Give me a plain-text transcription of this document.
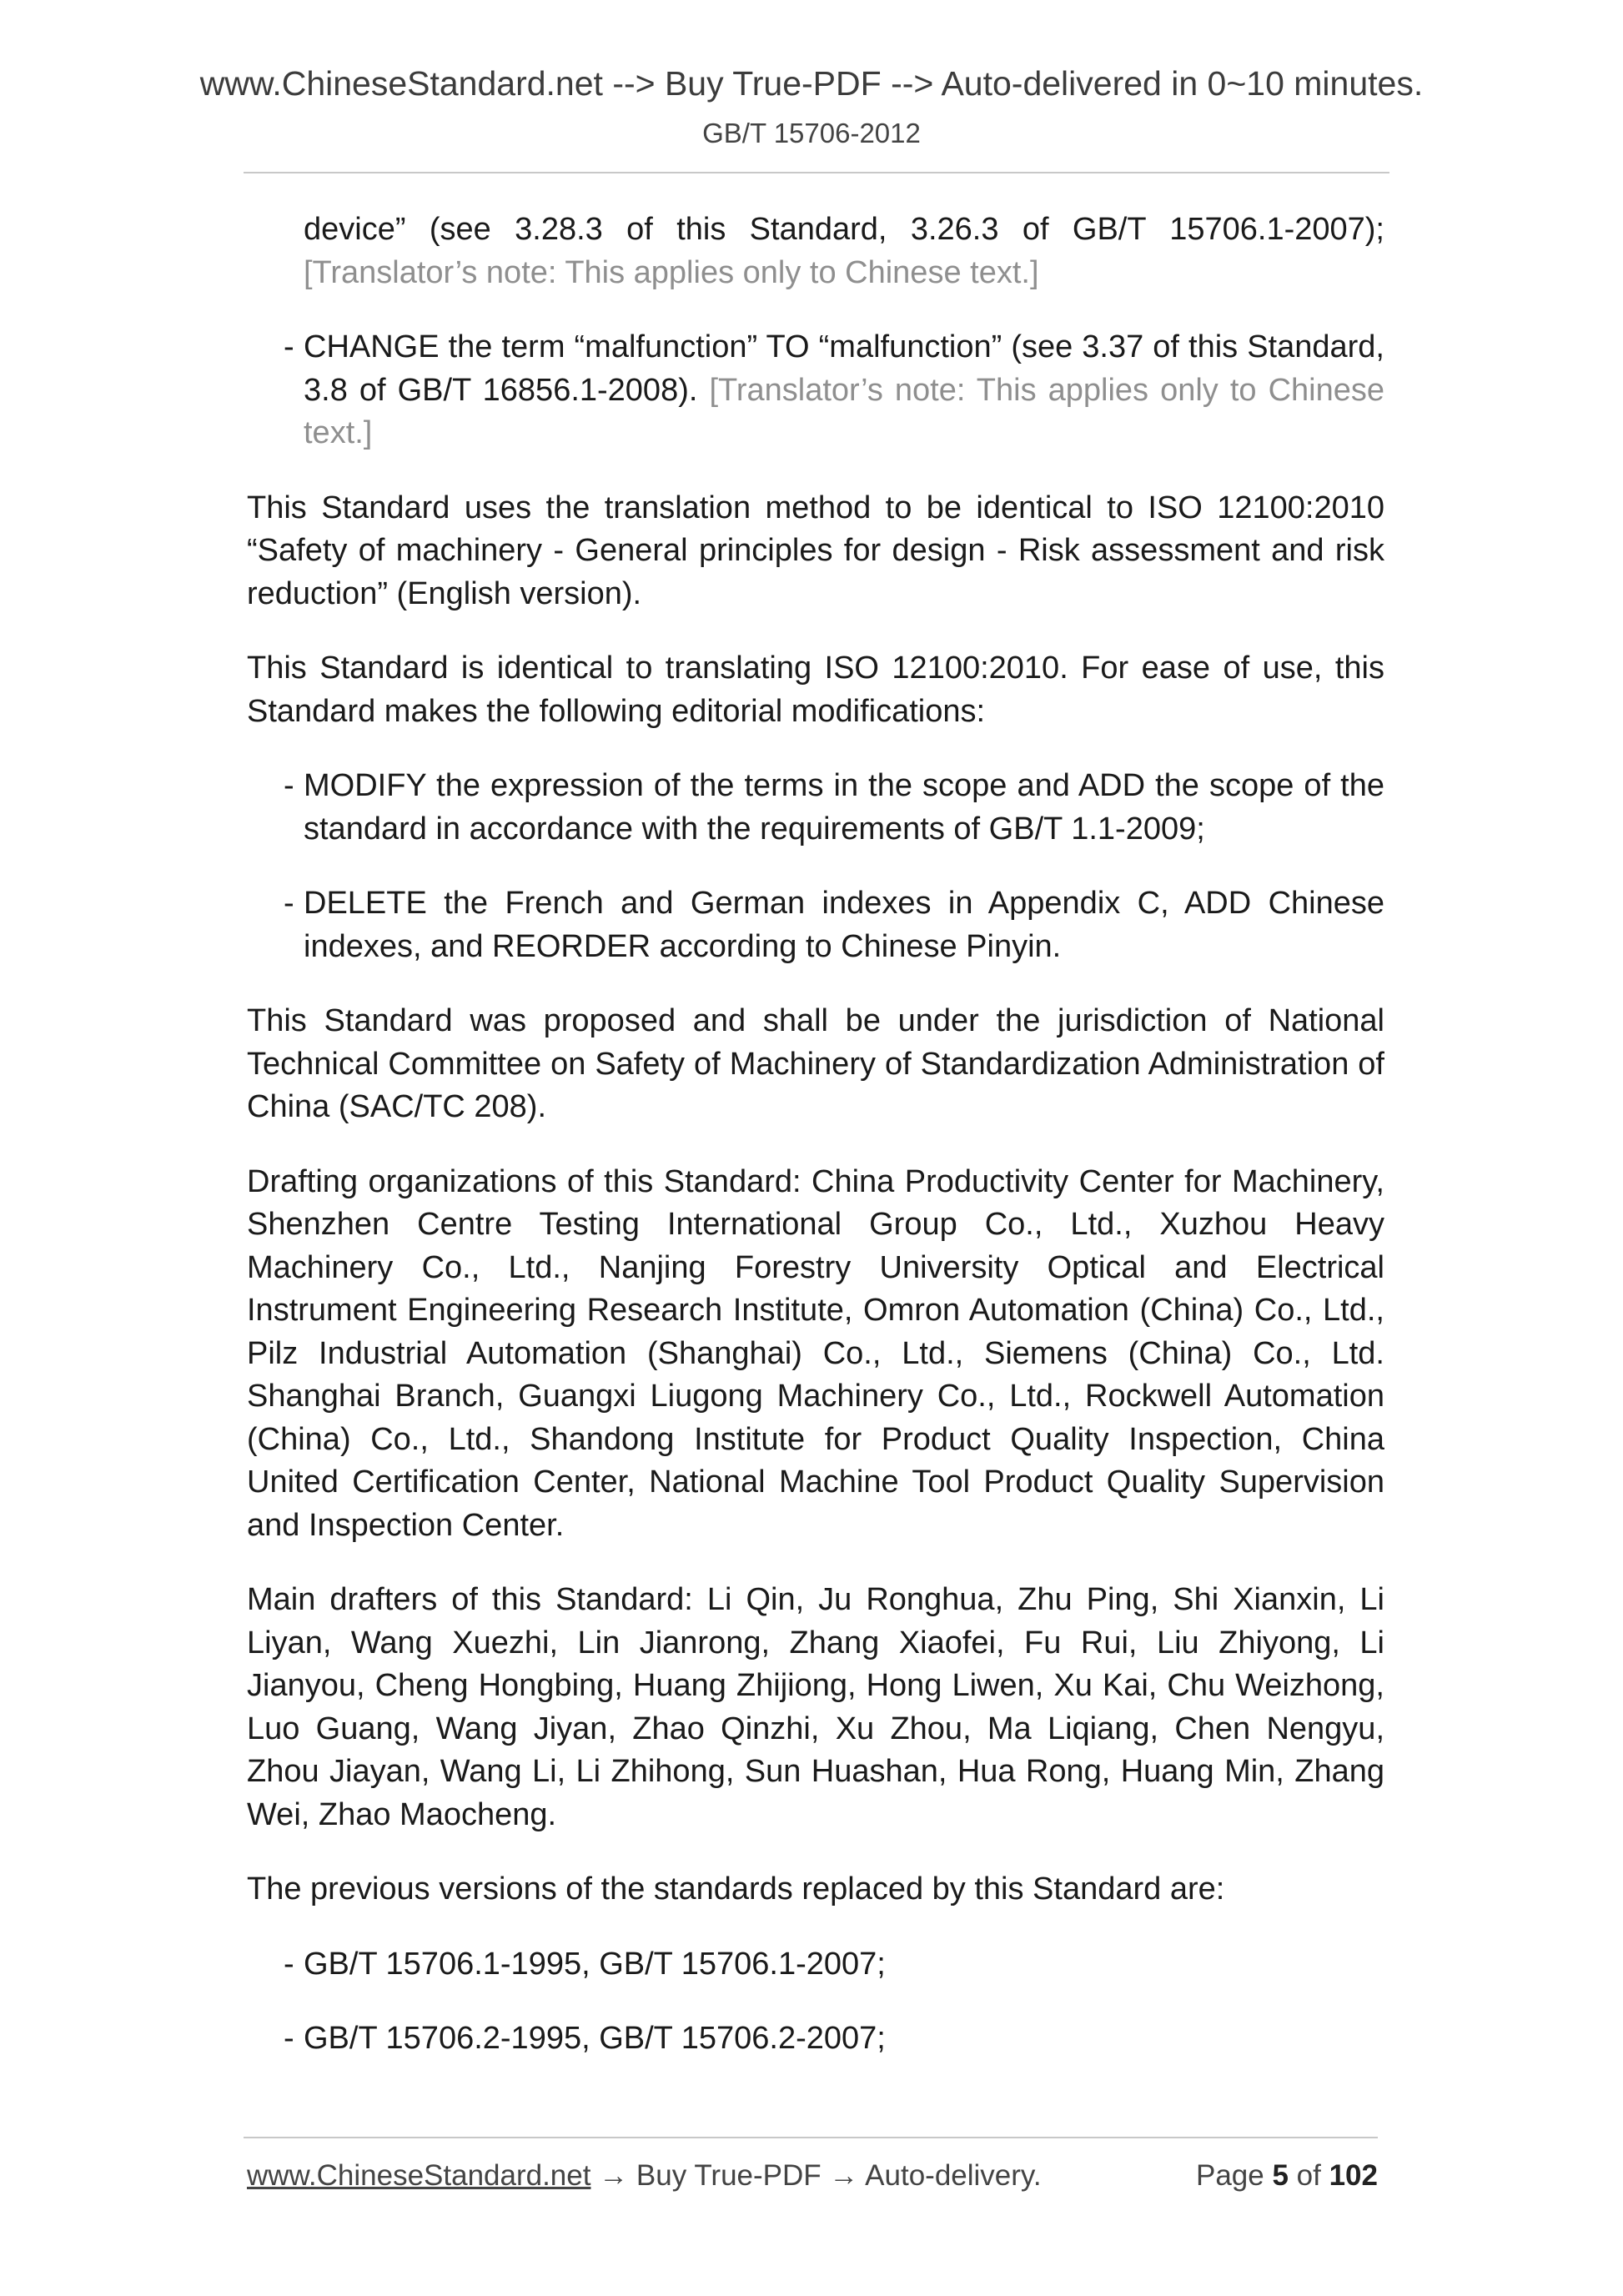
www.ChineseStandard.net --> Buy True-PDF --> Auto-delivered in 0~10 minutes.
GB/T 15706-2012

device” (see 3.28.3 of this Standard, 3.26.3 of GB/T 15706.1-2007); [Translator’s note: This applies only to Chinese text.]

- CHANGE the term “malfunction” TO “malfunction” (see 3.37 of this Standard, 3.8 of GB/T 16856.1-2008). [Translator’s note: This applies only to Chinese text.]

This Standard uses the translation method to be identical to ISO 12100:2010 “Safety of machinery - General principles for design - Risk assessment and risk reduction” (English version).

This Standard is identical to translating ISO 12100:2010. For ease of use, this Standard makes the following editorial modifications:

- MODIFY the expression of the terms in the scope and ADD the scope of the standard in accordance with the requirements of GB/T 1.1-2009;
- DELETE the French and German indexes in Appendix C, ADD Chinese indexes, and REORDER according to Chinese Pinyin.

This Standard was proposed and shall be under the jurisdiction of National Technical Committee on Safety of Machinery of Standardization Administration of China (SAC/TC 208).

Drafting organizations of this Standard: China Productivity Center for Machinery, Shenzhen Centre Testing International Group Co., Ltd., Xuzhou Heavy Machinery Co., Ltd., Nanjing Forestry University Optical and Electrical Instrument Engineering Research Institute, Omron Automation (China) Co., Ltd., Pilz Industrial Automation (Shanghai) Co., Ltd., Siemens (China) Co., Ltd. Shanghai Branch, Guangxi Liugong Machinery Co., Ltd., Rockwell Automation (China) Co., Ltd., Shandong Institute for Product Quality Inspection, China United Certification Center, National Machine Tool Product Quality Supervision and Inspection Center.

Main drafters of this Standard: Li Qin, Ju Ronghua, Zhu Ping, Shi Xianxin, Li Liyan, Wang Xuezhi, Lin Jianrong, Zhang Xiaofei, Fu Rui, Liu Zhiyong, Li Jianyou, Cheng Hongbing, Huang Zhijiong, Hong Liwen, Xu Kai, Chu Weizhong, Luo Guang, Wang Jiyan, Zhao Qinzhi, Xu Zhou, Ma Liqiang, Chen Nengyu, Zhou Jiayan, Wang Li, Li Zhihong, Sun Huashan, Hua Rong, Huang Min, Zhang Wei, Zhao Maocheng.

The previous versions of the standards replaced by this Standard are:

- GB/T 15706.1-1995, GB/T 15706.1-2007;
- GB/T 15706.2-1995, GB/T 15706.2-2007;
www.ChineseStandard.net → Buy True-PDF → Auto-delivery.	Page 5 of 102
